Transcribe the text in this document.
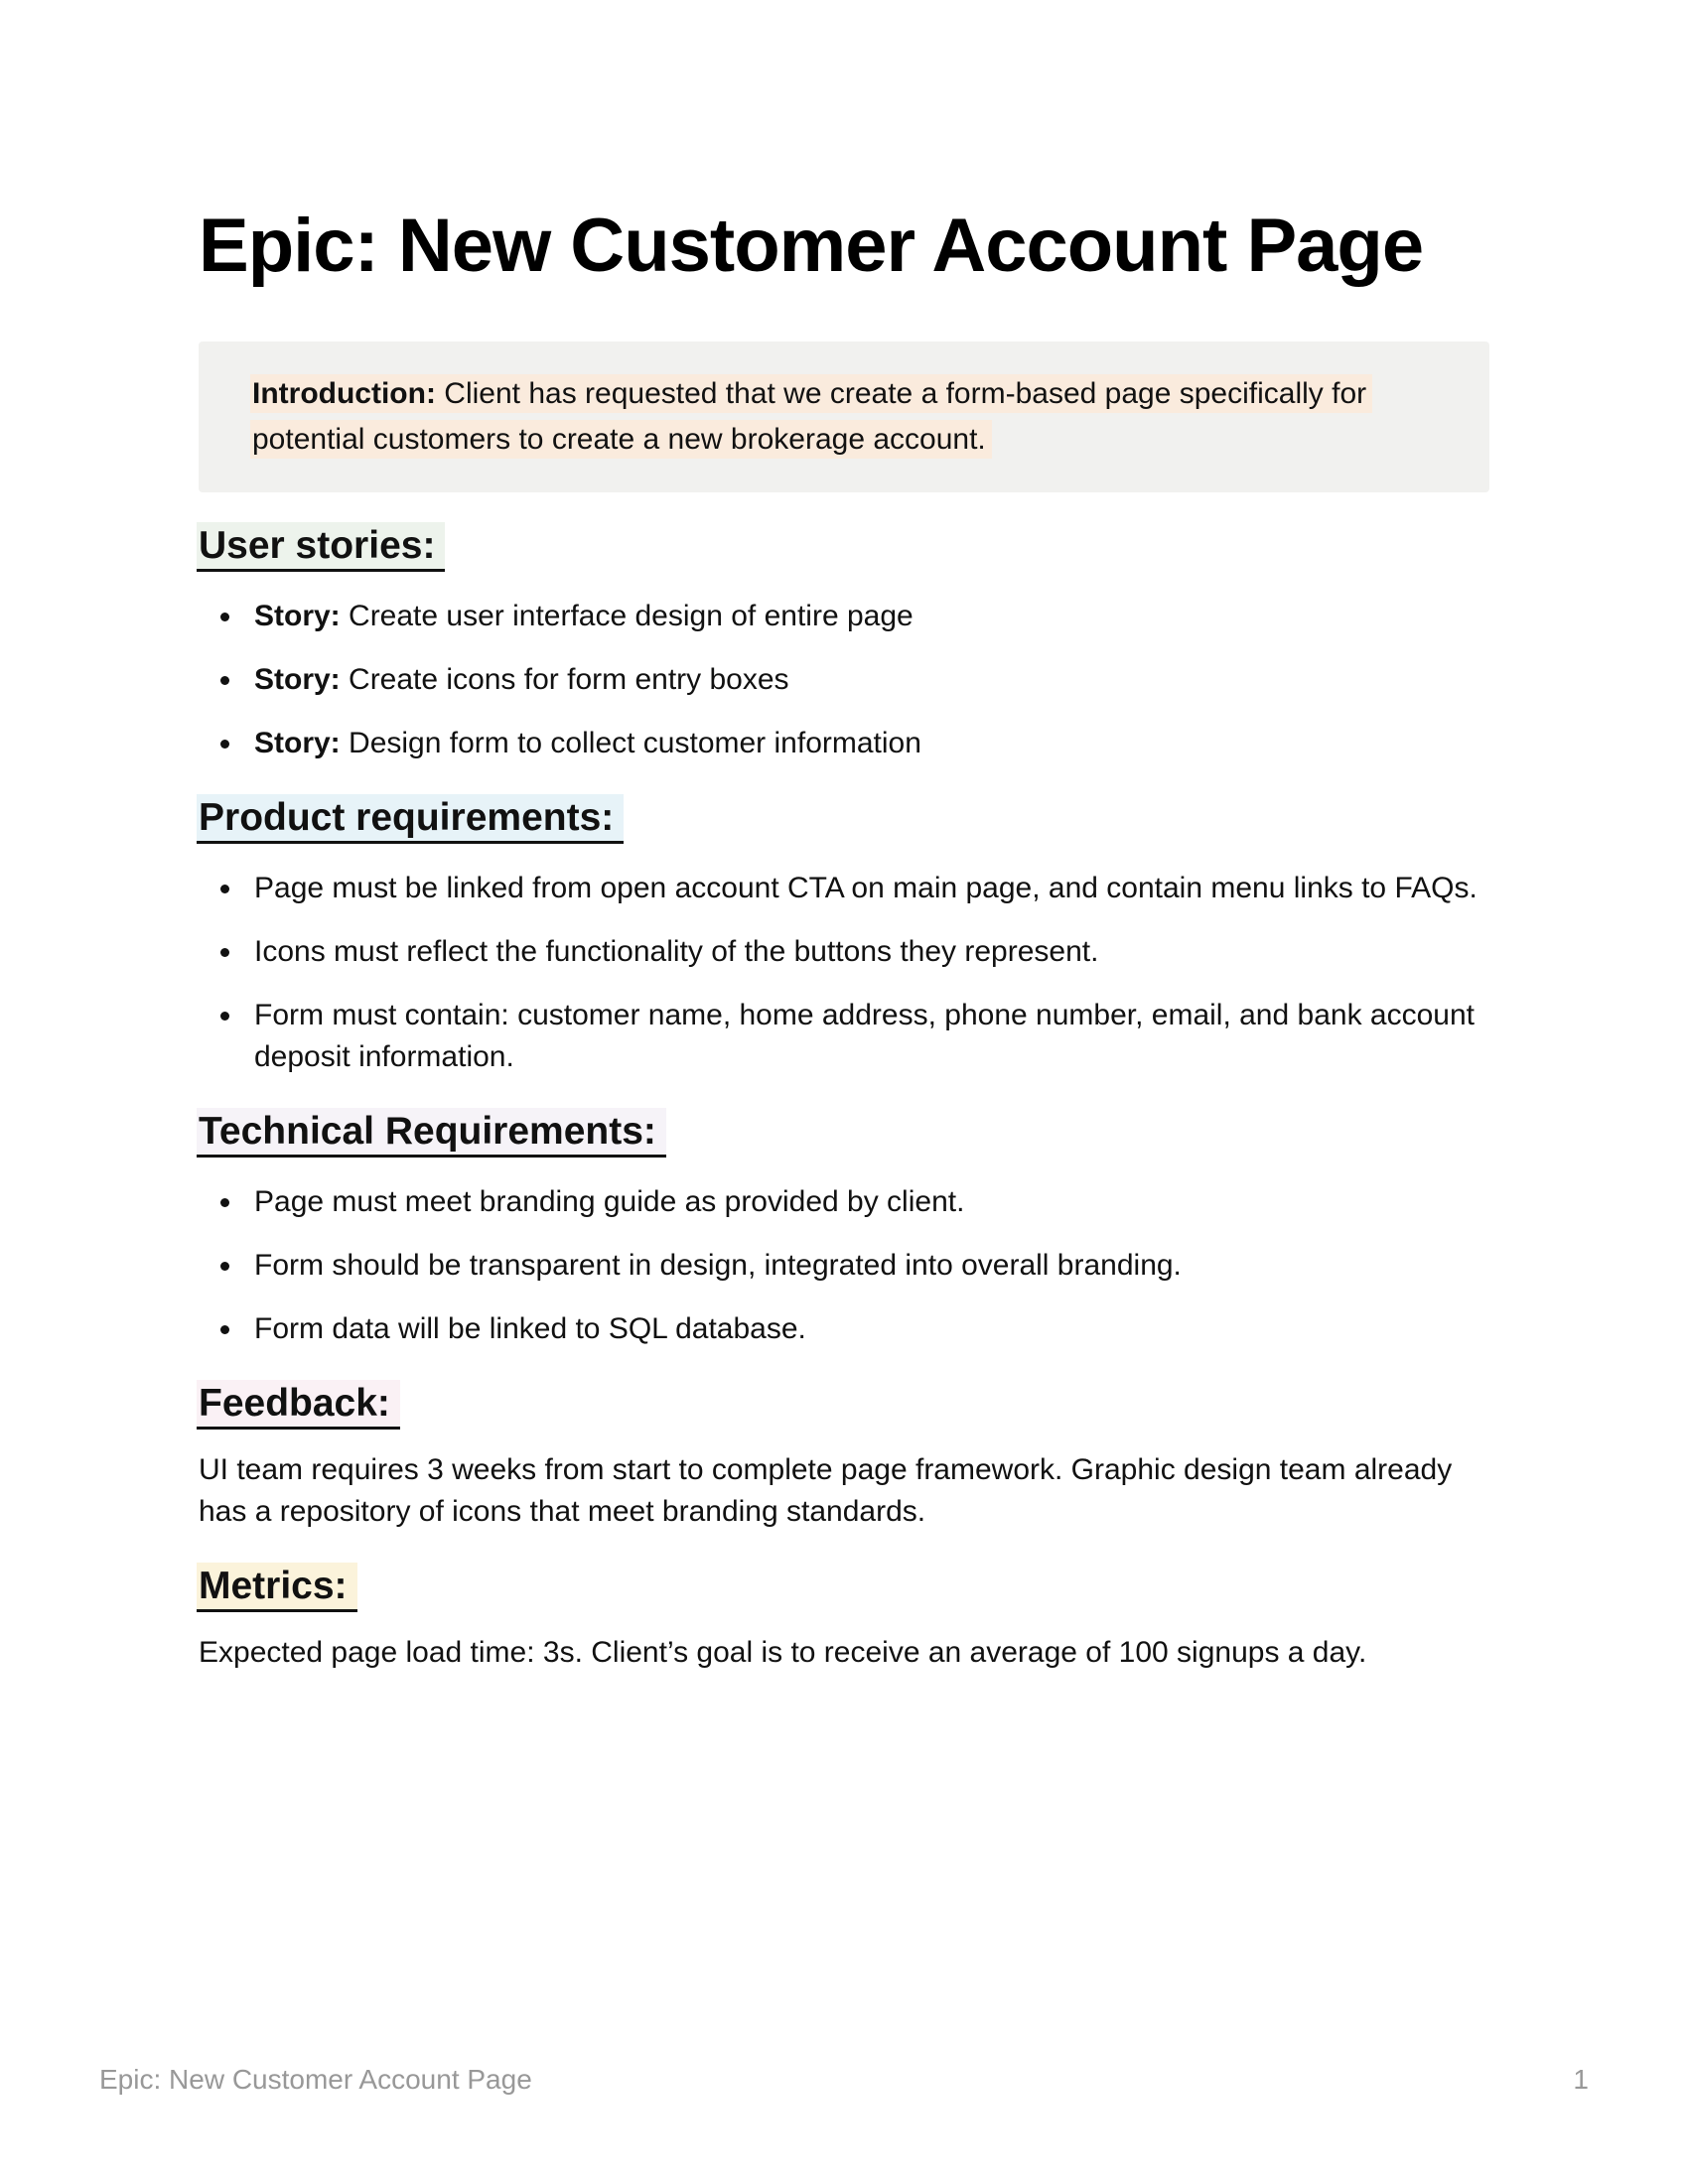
Epic: New Customer Account Page

Introduction: Client has requested that we create a form-based page specifically for potential customers to create a new brokerage account.

User stories:
Story: Create user interface design of entire page
Story: Create icons for form entry boxes
Story: Design form to collect customer information
Product requirements:
Page must be linked from open account CTA on main page, and contain menu links to FAQs.
Icons must reflect the functionality of the buttons they represent.
Form must contain: customer name, home address, phone number, email, and bank account deposit information.
Technical Requirements:
Page must meet branding guide as provided by client.
Form should be transparent in design, integrated into overall branding.
Form data will be linked to SQL database.
Feedback:

UI team requires 3 weeks from start to complete page framework. Graphic design team already has a repository of icons that meet branding standards.

Metrics:

Expected page load time: 3s. Client’s goal is to receive an average of 100 signups a day.

Epic: New Customer Account Page	1
